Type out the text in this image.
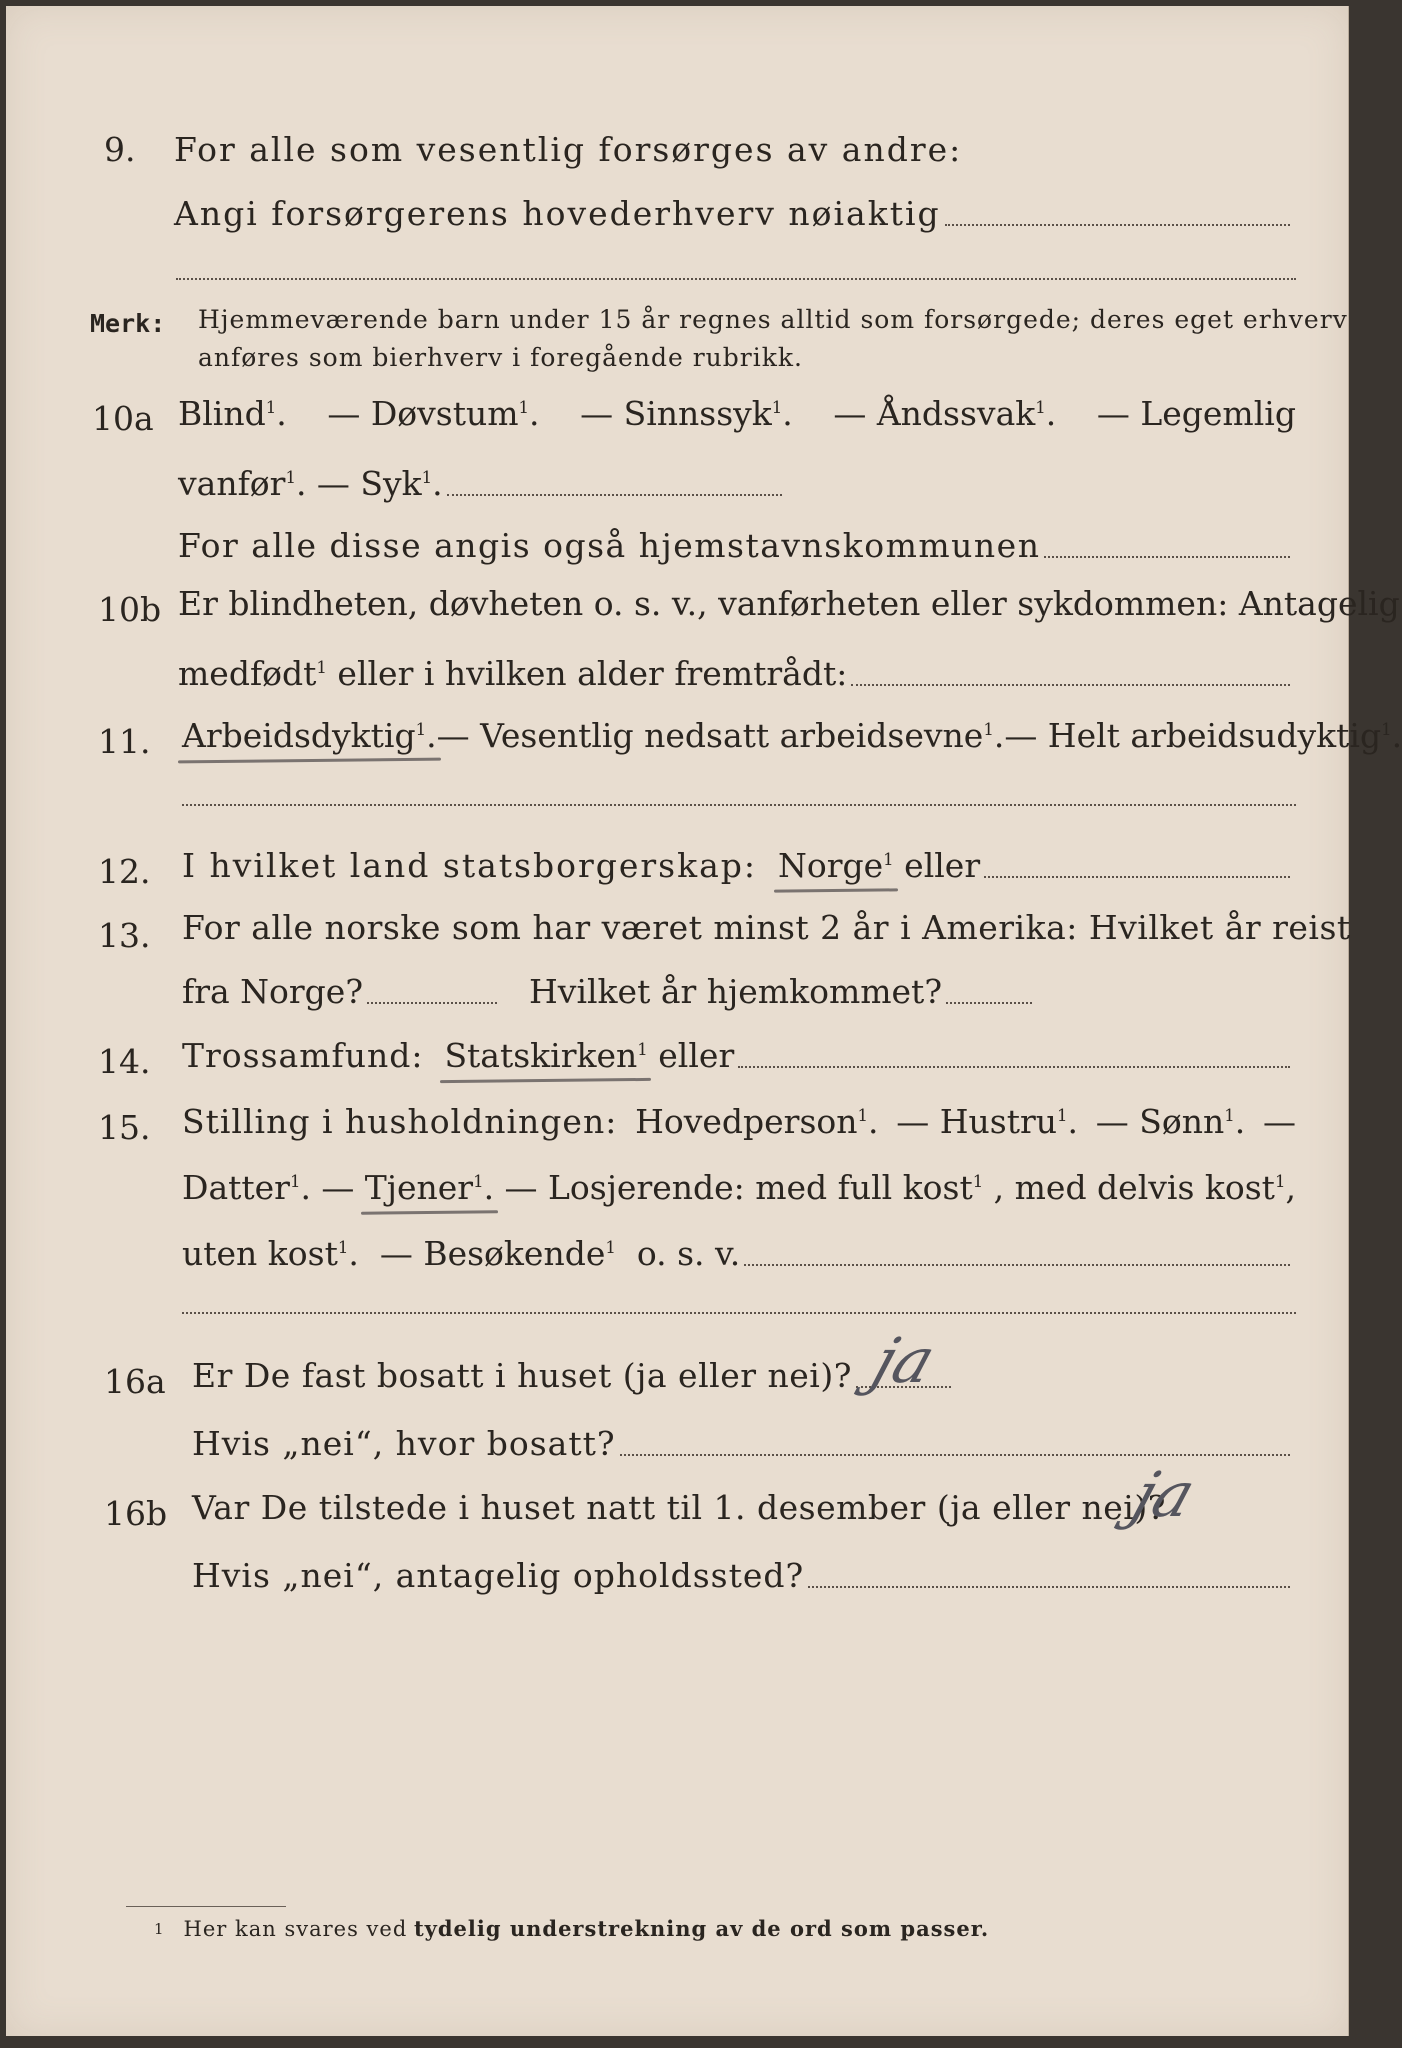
9.	For alle som vesentlig forsørges av andre:
Angi forsørgerens hovederhverv nøiaktig
Merk: Hjemmeværende barn under 15 år regnes alltid som forsørgede; deres eget erhverv
anføres som bierhverv i foregående rubrikk.
10a Blind$^1$. — Døvstum$^1$. — Sinnssyk$^1$. — Åndssvak$^1$. — Legemlig
vanfør$^1$. — Syk$^1$.
For alle disse angis også hjemstavnskommunen
10b Er blindheten, døvheten o. s. v., vanførheten eller sykdommen: Antagelig
medfødt$^1$ eller i hvilken alder fremtrådt:
11. Arbeidsdyktig$^1$. — Vesentlig nedsatt arbeidsevne$^1$. — Helt arbeidsudyktig$^1$.
12. I hvilket land statsborgerskap:
Norge$^1$
eller
13. For alle norske som har været minst 2 år i Amerika: Hvilket år reist
fra Norge?	Hvilket år hjemkommet?
14. Trossamfund:
Statskirken$^1$
eller
15. Stilling i husholdningen: Hovedperson$^1$. — Hustru$^1$. — Sønn$^1$. —
Datter$^1$. — Tjener$^1$. — Losjerende: med full kost$^1$ , med delvis kost$^1$,
uten kost$^1$. — Besøkende$^1$ o. s. v.
16a Er De fast bosatt i huset (ja eller nei)? ja
Hvis „nei“, hvor bosatt?
16b Var De tilstede i huset natt til 1. desember (ja eller nei)?
ja
Hvis „nei“, antagelig opholdssted?
1 Her kan svares ved
tydelig understrekning av de ord som passer.
